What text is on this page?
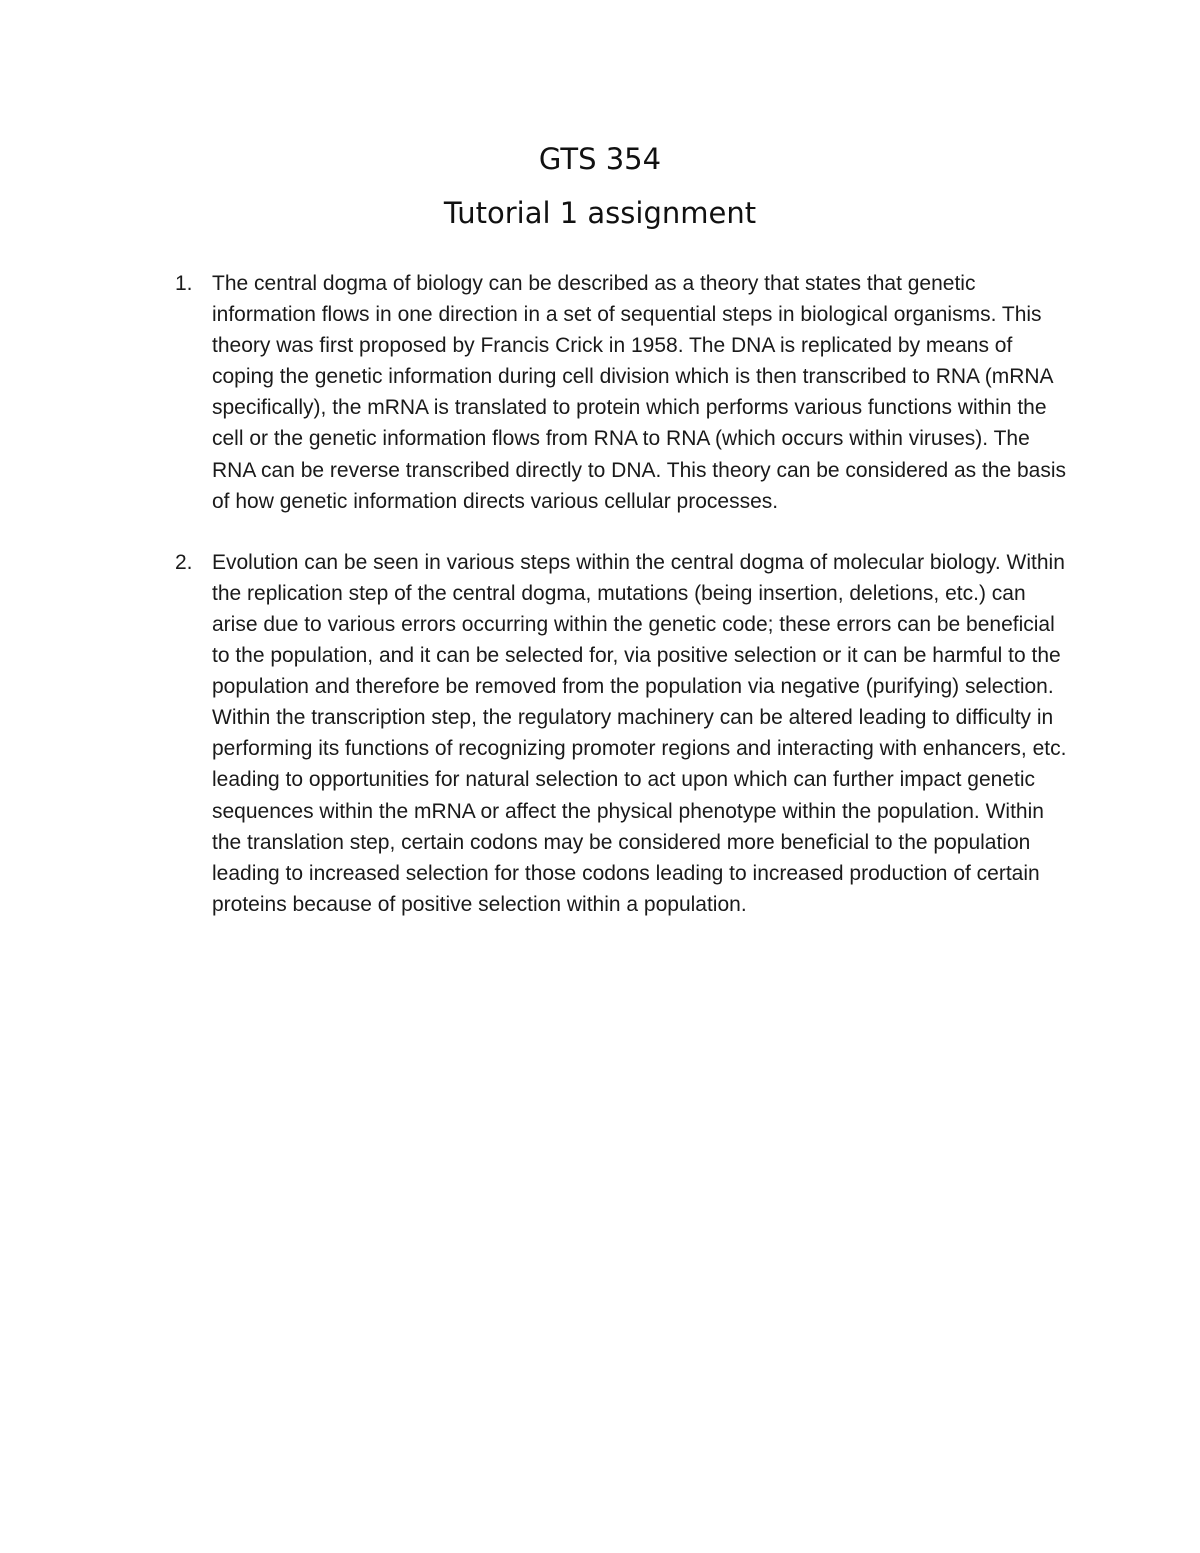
GTS 354
Tutorial 1 assignment
1. The central dogma of biology can be described as a theory that states that genetic information flows in one direction in a set of sequential steps in biological organisms. This theory was first proposed by Francis Crick in 1958. The DNA is replicated by means of coping the genetic information during cell division which is then transcribed to RNA (mRNA specifically), the mRNA is translated to protein which performs various functions within the cell or the genetic information flows from RNA to RNA (which occurs within viruses). The RNA can be reverse transcribed directly to DNA. This theory can be considered as the basis of how genetic information directs various cellular processes.
2. Evolution can be seen in various steps within the central dogma of molecular biology. Within the replication step of the central dogma, mutations (being insertion, deletions, etc.) can arise due to various errors occurring within the genetic code; these errors can be beneficial to the population, and it can be selected for, via positive selection or it can be harmful to the population and therefore be removed from the population via negative (purifying) selection. Within the transcription step, the regulatory machinery can be altered leading to difficulty in performing its functions of recognizing promoter regions and interacting with enhancers, etc. leading to opportunities for natural selection to act upon which can further impact genetic sequences within the mRNA or affect the physical phenotype within the population. Within the translation step, certain codons may be considered more beneficial to the population leading to increased selection for those codons leading to increased production of certain proteins because of positive selection within a population.
